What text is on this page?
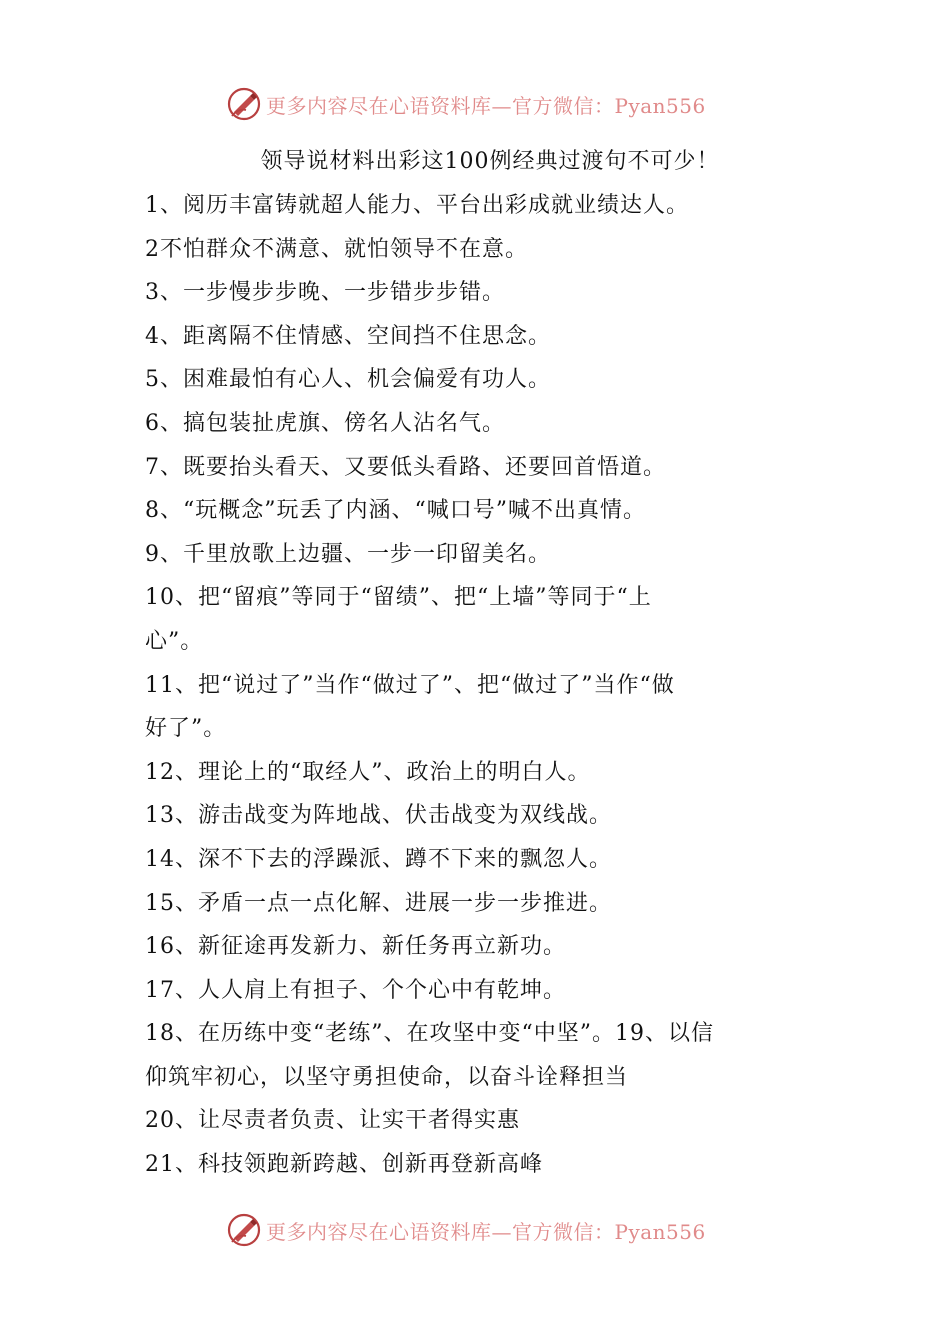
更多内容尽在心语资料库—官方微信：Pyan556
领导说材料出彩这100例经典过渡句不可少！
1、阅历丰富铸就超人能力、平台出彩成就业绩达人。
2不怕群众不满意、就怕领导不在意。
3、一步慢步步晚、一步错步步错。
4、距离隔不住情感、空间挡不住思念。
5、困难最怕有心人、机会偏爱有功人。
6、搞包装扯虎旗、傍名人沾名气。
7、既要抬头看天、又要低头看路、还要回首悟道。
8、“玩概念”玩丢了内涵、“喊口号”喊不出真情。
9、千里放歌上边疆、一步一印留美名。
10、把“留痕”等同于“留绩”、把“上墙”等同于“上
心”。
11、把“说过了”当作“做过了”、把“做过了”当作“做
好了”。
12、理论上的“取经人”、政治上的明白人。
13、游击战变为阵地战、伏击战变为双线战。
14、深不下去的浮躁派、蹲不下来的飘忽人。
15、矛盾一点一点化解、进展一步一步推进。
16、新征途再发新力、新任务再立新功。
17、人人肩上有担子、个个心中有乾坤。
18、在历练中变“老练”、在攻坚中变“中坚”。19、以信
仰筑牢初心，以坚守勇担使命，以奋斗诠释担当
20、让尽责者负责、让实干者得实惠
21、科技领跑新跨越、创新再登新高峰
更多内容尽在心语资料库—官方微信：Pyan556
